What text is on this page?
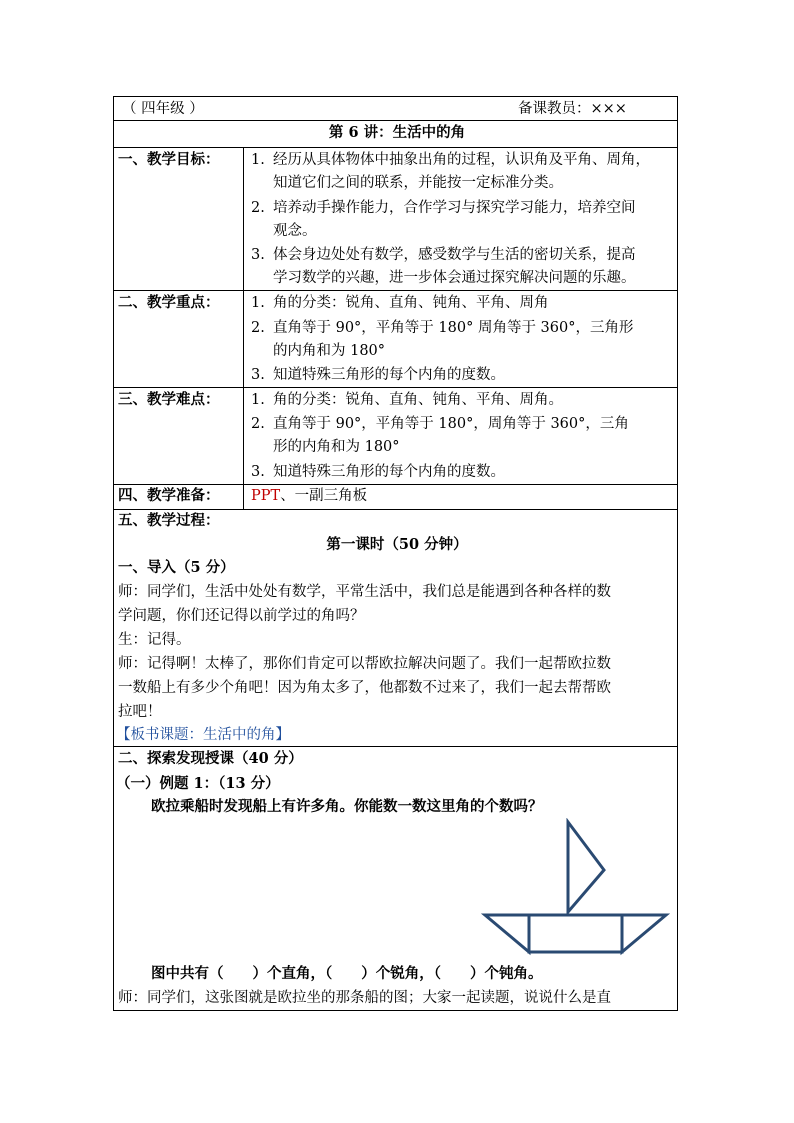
（ 四年级 ）	备课教员：×××
第 6 讲：生活中的角
一、教学目标： 1. 经历从具体物体中抽象出角的过程，认识角及平角、周角，
知道它们之间的联系，并能按一定标准分类。
2. 培养动手操作能力，合作学习与探究学习能力，培养空间
观念。
3. 体会身边处处有数学，感受数学与生活的密切关系，提高
学习数学的兴趣，进一步体会通过探究解决问题的乐趣。
二、教学重点： 1. 角的分类：锐角、直角、钝角、平角、周角
2. 直角等于 90°，平角等于 180° 周角等于 360°，三角形
的内角和为 180°
3. 知道特殊三角形的每个内角的度数。
三、教学难点： 1. 角的分类：锐角、直角、钝角、平角、周角。
2. 直角等于 90°，平角等于 180°，周角等于 360°，三角
形的内角和为 180°
3. 知道特殊三角形的每个内角的度数。
四、教学准备： PPT、一副三角板
五、教学过程：
第一课时（50 分钟）
一、导入（5 分）
师：同学们，生活中处处有数学，平常生活中，我们总是能遇到各种各样的数
学问题，你们还记得以前学过的角吗？
生：记得。
师：记得啊！太棒了，那你们肯定可以帮欧拉解决问题了。我们一起帮欧拉数
一数船上有多少个角吧！因为角太多了，他都数不过来了，我们一起去帮帮欧
拉吧！
【板书课题：生活中的角】
二、探索发现授课（40 分）
（一）例题 1：（13 分）
欧拉乘船时发现船上有许多角。你能数一数这里角的个数吗？
图中共有（　　）个直角，（　　）个锐角，（　　）个钝角。
师：同学们，这张图就是欧拉坐的那条船的图；大家一起读题，说说什么是直
